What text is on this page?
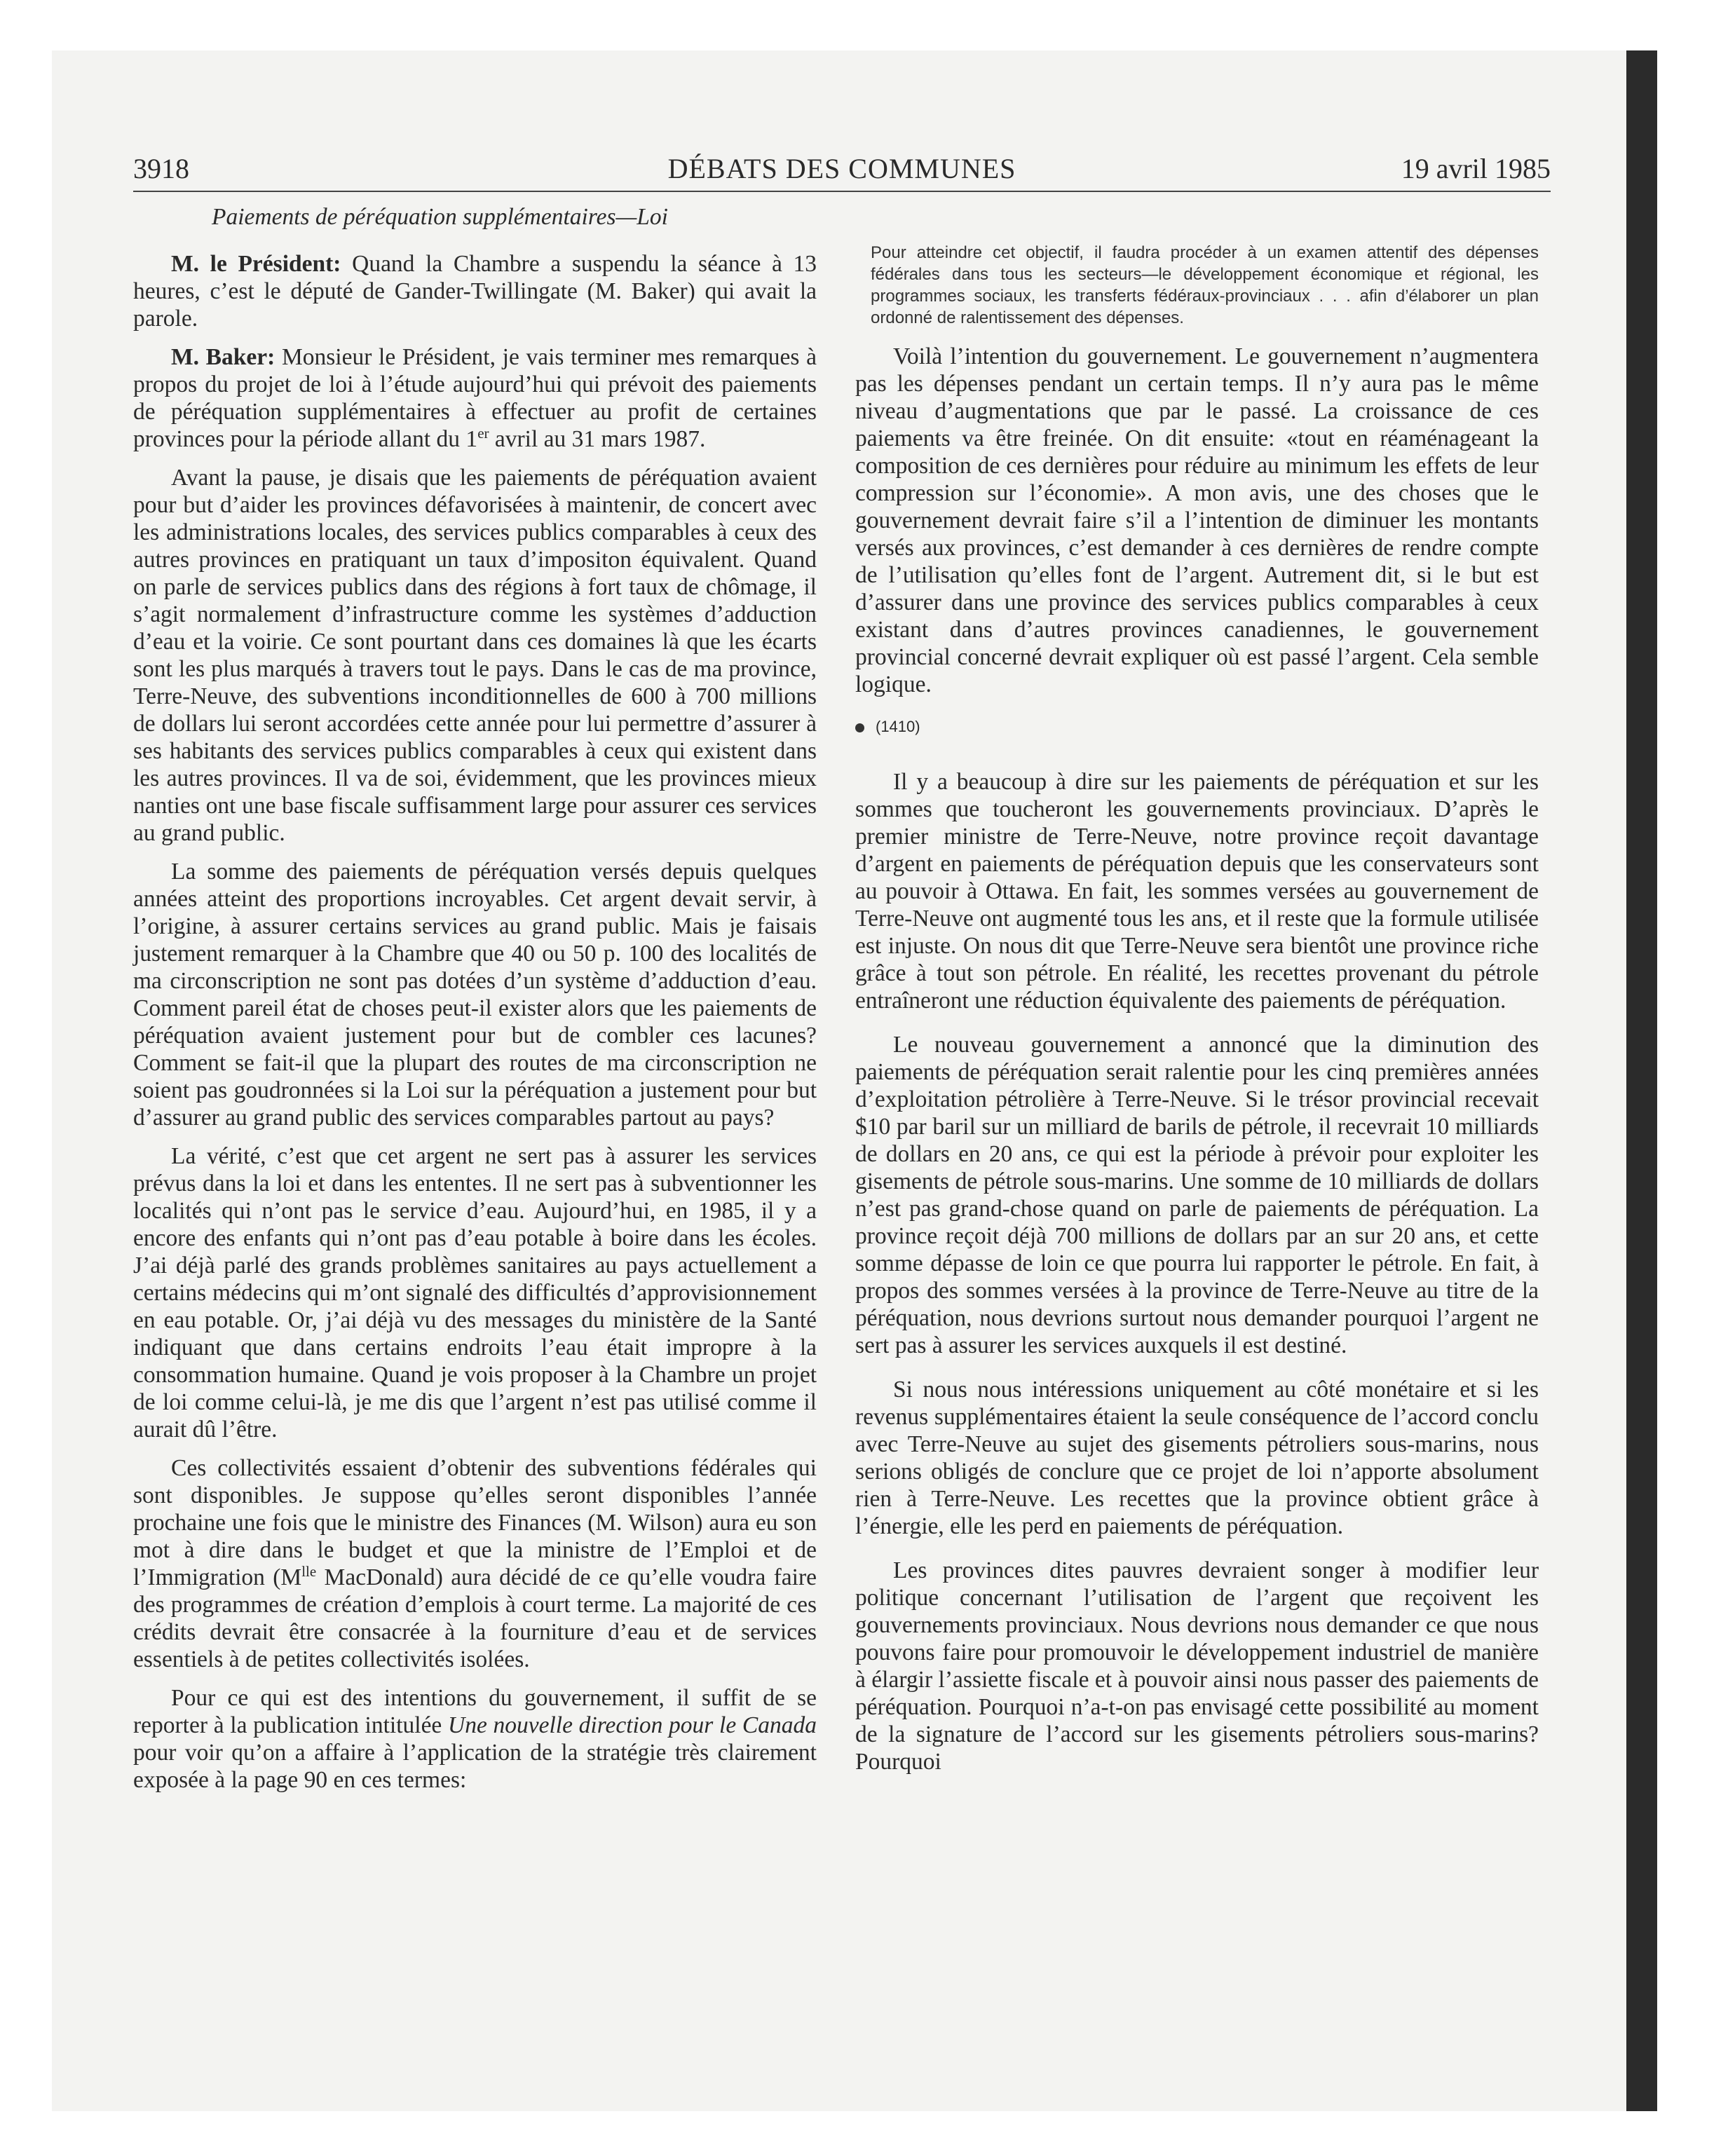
3918	DÉBATS DES COMMUNES	19 avril 1985

Paiements de péréquation supplémentaires—Loi

M. le Président: Quand la Chambre a suspendu la séance à 13 heures, c’est le député de Gander-Twillingate (M. Baker) qui avait la parole.

M. Baker: Monsieur le Président, je vais terminer mes remarques à propos du projet de loi à l’étude aujourd’hui qui prévoit des paiements de péréquation supplémentaires à effectuer au profit de certaines provinces pour la période allant du 1er avril au 31 mars 1987.

Avant la pause, je disais que les paiements de péréquation avaient pour but d’aider les provinces défavorisées à maintenir, de concert avec les administrations locales, des services publics comparables à ceux des autres provinces en pratiquant un taux d’impositon équivalent. Quand on parle de services publics dans des régions à fort taux de chômage, il s’agit normalement d’infrastructure comme les systèmes d’adduction d’eau et la voirie. Ce sont pourtant dans ces domaines là que les écarts sont les plus marqués à travers tout le pays. Dans le cas de ma province, Terre-Neuve, des subventions inconditionnelles de 600 à 700 millions de dollars lui seront accordées cette année pour lui permettre d’assurer à ses habitants des services publics comparables à ceux qui existent dans les autres provinces. Il va de soi, évidemment, que les provinces mieux nanties ont une base fiscale suffisamment large pour assurer ces services au grand public.

La somme des paiements de péréquation versés depuis quelques années atteint des proportions incroyables. Cet argent devait servir, à l’origine, à assurer certains services au grand public. Mais je faisais justement remarquer à la Chambre que 40 ou 50 p. 100 des localités de ma circonscription ne sont pas dotées d’un système d’adduction d’eau. Comment pareil état de choses peut-il exister alors que les paiements de péréquation avaient justement pour but de combler ces lacunes? Comment se fait-il que la plupart des routes de ma circonscription ne soient pas goudronnées si la Loi sur la péréquation a justement pour but d’assurer au grand public des services comparables partout au pays?

La vérité, c’est que cet argent ne sert pas à assurer les services prévus dans la loi et dans les ententes. Il ne sert pas à subventionner les localités qui n’ont pas le service d’eau. Aujourd’hui, en 1985, il y a encore des enfants qui n’ont pas d’eau potable à boire dans les écoles. J’ai déjà parlé des grands problèmes sanitaires au pays actuellement a certains médecins qui m’ont signalé des difficultés d’approvisionnement en eau potable. Or, j’ai déjà vu des messages du ministère de la Santé indiquant que dans certains endroits l’eau était impropre à la consommation humaine. Quand je vois proposer à la Chambre un projet de loi comme celui-là, je me dis que l’argent n’est pas utilisé comme il aurait dû l’être.

Ces collectivités essaient d’obtenir des subventions fédérales qui sont disponibles. Je suppose qu’elles seront disponibles l’année prochaine une fois que le ministre des Finances (M. Wilson) aura eu son mot à dire dans le budget et que la ministre de l’Emploi et de l’Immigration ($M^{lle}$ MacDonald) aura décidé de ce qu’elle voudra faire des programmes de création d’emplois à court terme. La majorité de ces crédits devrait être consacrée à la fourniture d’eau et de services essentiels à de petites collectivités isolées.

Pour ce qui est des intentions du gouvernement, il suffit de se reporter à la publication intitulée Une nouvelle direction pour le Canada pour voir qu’on a affaire à l’application de la stratégie très clairement exposée à la page 90 en ces termes:

Pour atteindre cet objectif, il faudra procéder à un examen attentif des dépenses fédérales dans tous les secteurs—le développement économique et régional, les programmes sociaux, les transferts fédéraux-provinciaux . . . afin d’élaborer un plan ordonné de ralentissement des dépenses.

Voilà l’intention du gouvernement. Le gouvernement n’augmentera pas les dépenses pendant un certain temps. Il n’y aura pas le même niveau d’augmentations que par le passé. La croissance de ces paiements va être freinée. On dit ensuite: «tout en réaménageant la composition de ces dernières pour réduire au minimum les effets de leur compression sur l’économie». A mon avis, une des choses que le gouvernement devrait faire s’il a l’intention de diminuer les montants versés aux provinces, c’est demander à ces dernières de rendre compte de l’utilisation qu’elles font de l’argent. Autrement dit, si le but est d’assurer dans une province des services publics comparables à ceux existant dans d’autres provinces canadiennes, le gouvernement provincial concerné devrait expliquer où est passé l’argent. Cela semble logique.

(1410)

Il y a beaucoup à dire sur les paiements de péréquation et sur les sommes que toucheront les gouvernements provinciaux. D’après le premier ministre de Terre-Neuve, notre province reçoit davantage d’argent en paiements de péréquation depuis que les conservateurs sont au pouvoir à Ottawa. En fait, les sommes versées au gouvernement de Terre-Neuve ont augmenté tous les ans, et il reste que la formule utilisée est injuste. On nous dit que Terre-Neuve sera bientôt une province riche grâce à tout son pétrole. En réalité, les recettes provenant du pétrole entraîneront une réduction équivalente des paiements de péréquation.

Le nouveau gouvernement a annoncé que la diminution des paiements de péréquation serait ralentie pour les cinq premières années d’exploitation pétrolière à Terre-Neuve. Si le trésor provincial recevait $10 par baril sur un milliard de barils de pétrole, il recevrait 10 milliards de dollars en 20 ans, ce qui est la période à prévoir pour exploiter les gisements de pétrole sous-marins. Une somme de 10 milliards de dollars n’est pas grand-chose quand on parle de paiements de péréquation. La province reçoit déjà 700 millions de dollars par an sur 20 ans, et cette somme dépasse de loin ce que pourra lui rapporter le pétrole. En fait, à propos des sommes versées à la province de Terre-Neuve au titre de la péréquation, nous devrions surtout nous demander pourquoi l’argent ne sert pas à assurer les services auxquels il est destiné.

Si nous nous intéressions uniquement au côté monétaire et si les revenus supplémentaires étaient la seule conséquence de l’accord conclu avec Terre-Neuve au sujet des gisements pétroliers sous-marins, nous serions obligés de conclure que ce projet de loi n’apporte absolument rien à Terre-Neuve. Les recettes que la province obtient grâce à l’énergie, elle les perd en paiements de péréquation.

Les provinces dites pauvres devraient songer à modifier leur politique concernant l’utilisation de l’argent que reçoivent les gouvernements provinciaux. Nous devrions nous demander ce que nous pouvons faire pour promouvoir le développement industriel de manière à élargir l’assiette fiscale et à pouvoir ainsi nous passer des paiements de péréquation. Pourquoi n’a-t-on pas envisagé cette possibilité au moment de la signature de l’accord sur les gisements pétroliers sous-marins? Pourquoi
